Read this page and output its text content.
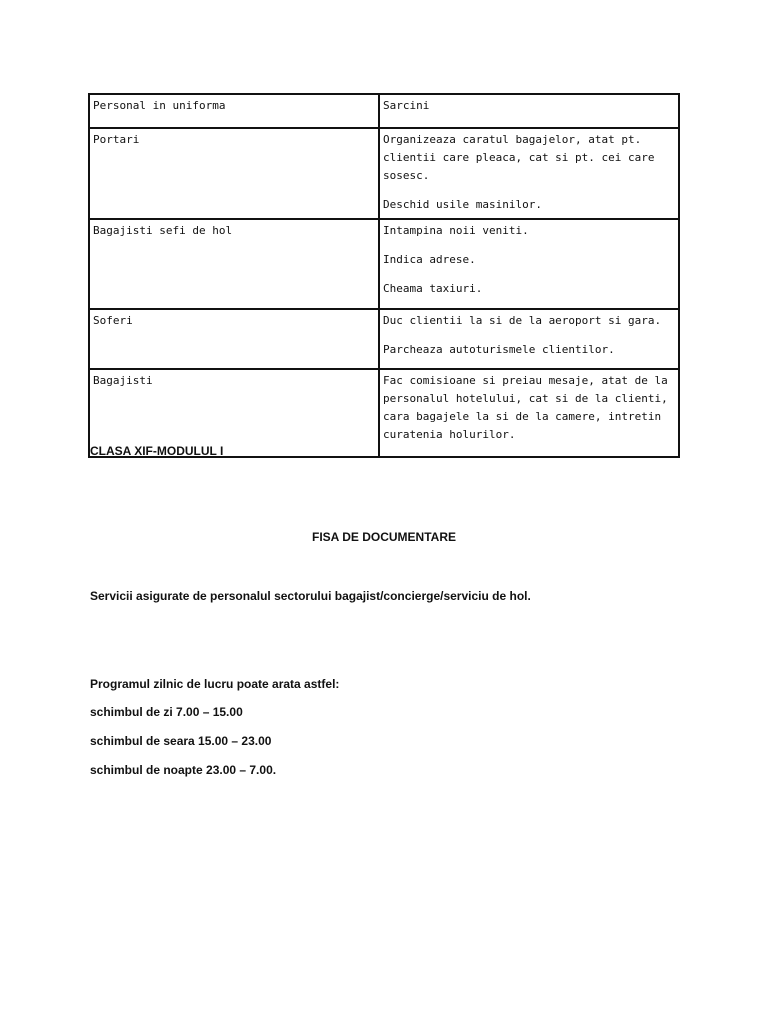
Personal in uniforma	Sarcini
Portari	Organizeaza caratul bagajelor, atat pt. clientii care pleaca, cat si pt. cei care sosesc.

Deschid usile masinilor.

Bagajisti sefi de hol	Intampina noii veniti.

Indica adrese.

Cheama taxiuri.

Soferi	Duc clientii la si de la aeroport si gara.

Parcheaza autoturismele clientilor.

Bagajisti	Fac comisioane si preiau mesaje, atat de la personalul hotelului, cat si de la clienti, cara bagajele la si de la camere, intretin curatenia holurilor.

CLASA XIF-MODULUL I
FISA DE DOCUMENTARE
Servicii asigurate de personalul sectorului bagajist/concierge/serviciu de hol.
Programul zilnic de lucru poate arata astfel:
schimbul de zi 7.00 – 15.00
schimbul de seara 15.00 – 23.00
schimbul de noapte 23.00 – 7.00.
